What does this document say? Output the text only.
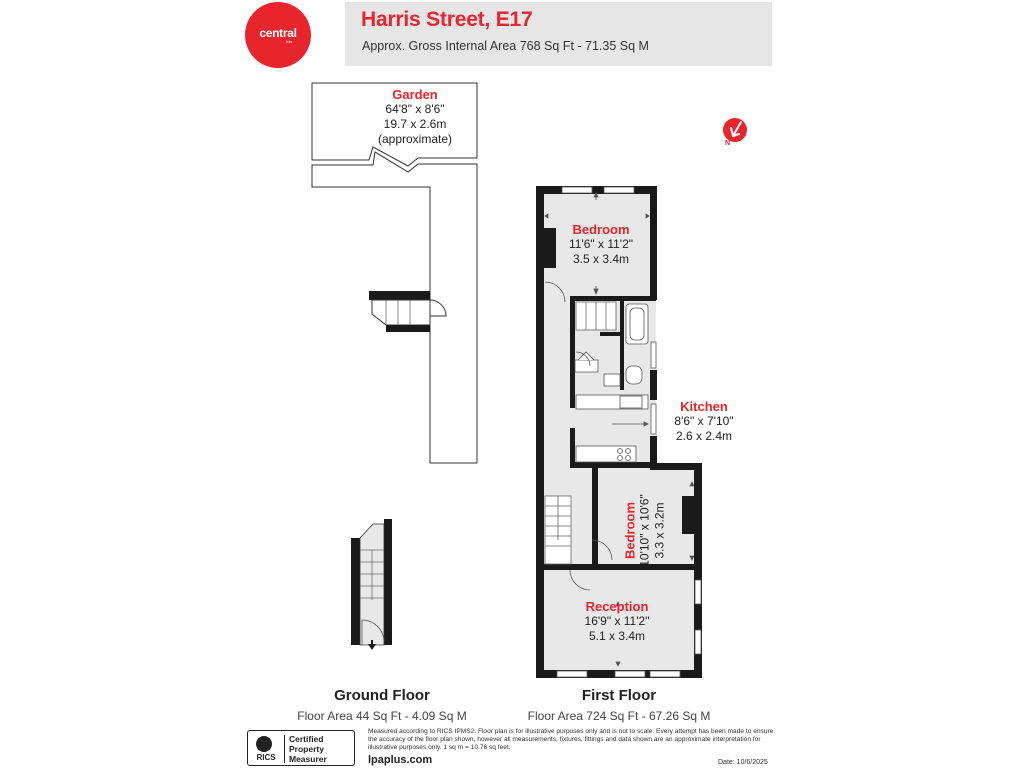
central
lets
Harris Street, E17
Approx. Gross Internal Area 768 Sq Ft - 71.35 Sq M
N
Garden
64'8" x 8'6"
19.7 x 2.6m
(approximate)
Bedroom
11'6" x 11'2"
3.5 x 3.4m
Kitchen
8'6" x 7'10"
2.6 x 2.4m
Bedroom 10'10" x 10'6" 3.3 x 3.2m
Reception
16'9" x 11'2"
5.1 x 3.4m
Ground Floor
Floor Area 44 Sq Ft - 4.09 Sq M
First Floor
Floor Area 724 Sq Ft - 67.26 Sq M
RICS
Certified
Property
Measurer
Measured according to RICS IPMS2. Floor plan is for illustrative purposes only and is not to scale. Every attempt has been made to ensure the accuracy of the floor plan shown, however all measurements, fixtures, fittings and data shown are an approximate interpretation for illustrative purposes only. 1 sq m = 10.76 sq feet.
lpaplus.com	Date: 10/6/2025
